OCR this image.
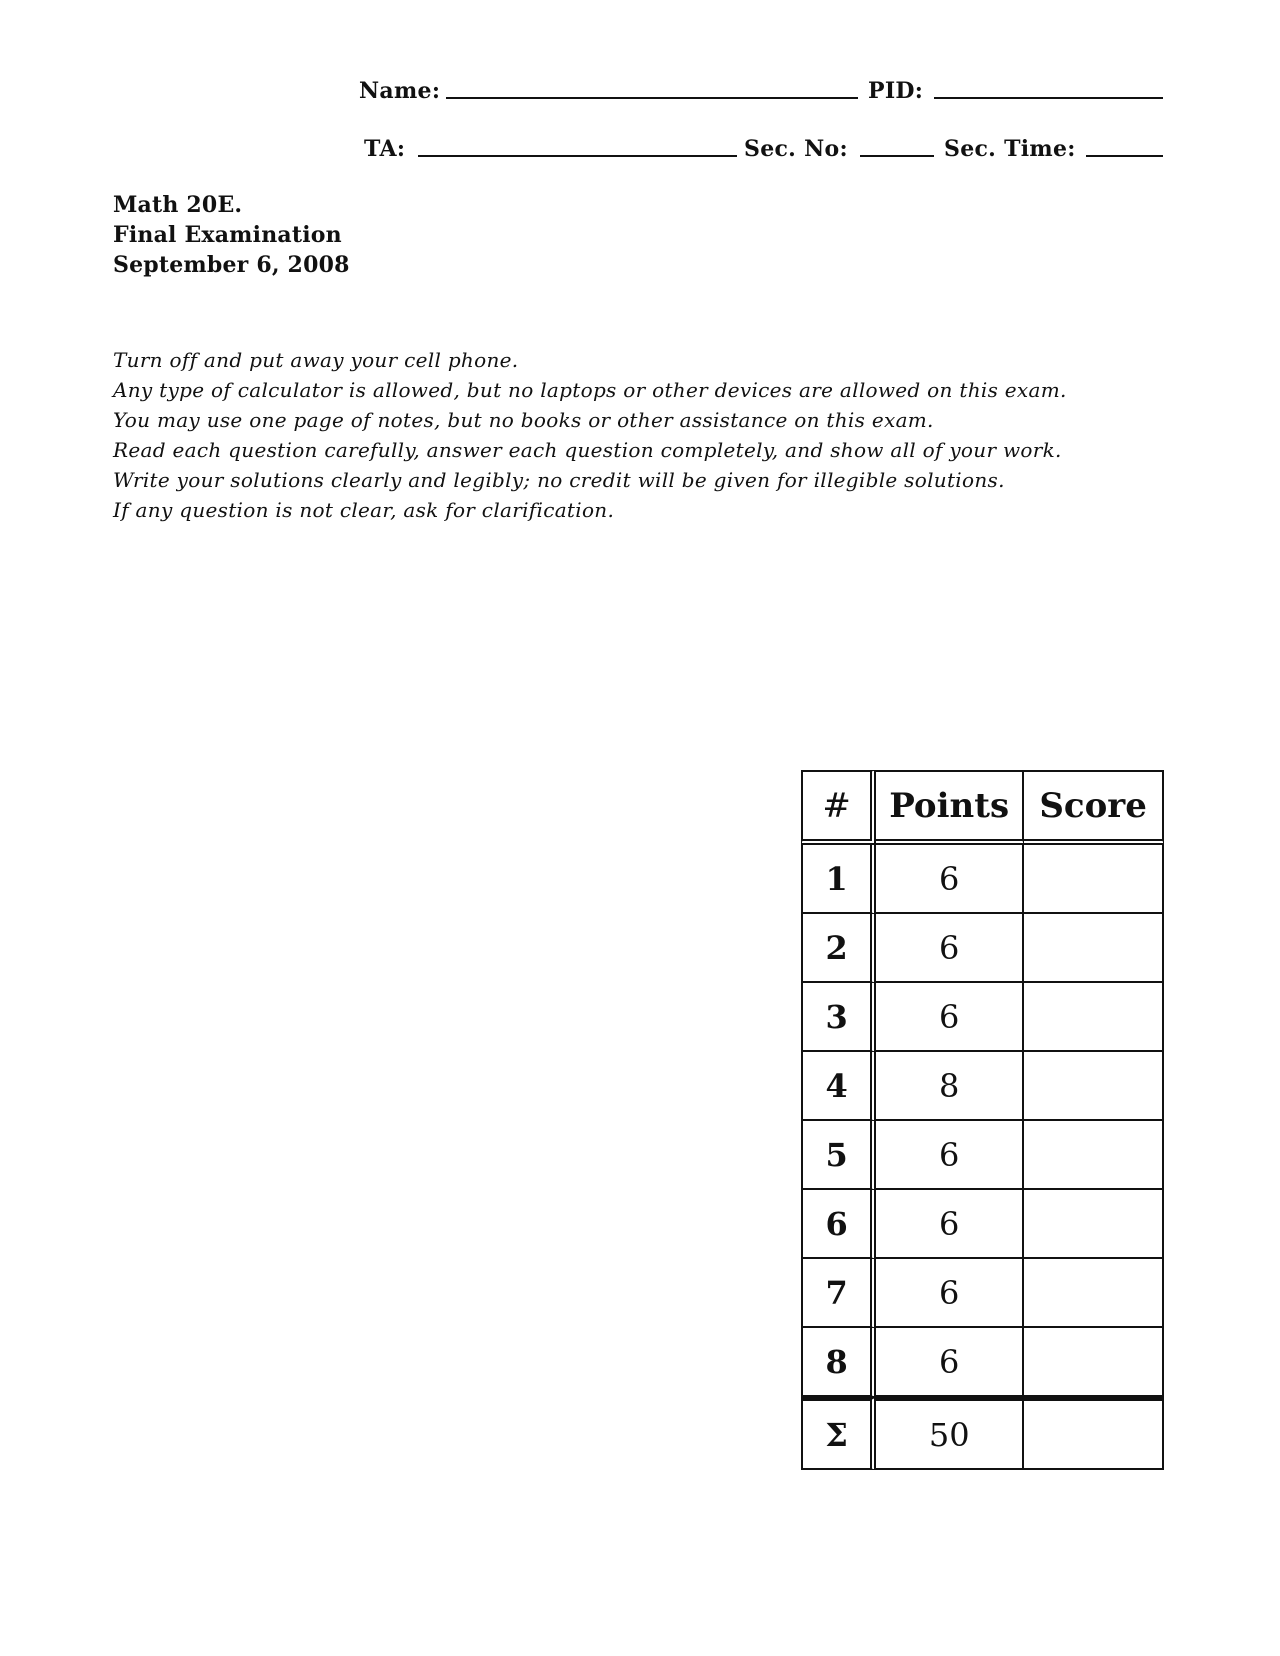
Name:	PID:
TA:	Sec. No:	Sec. Time:
Math 20E.
Final Examination
September 6, 2008
Turn off and put away your cell phone.
Any type of calculator is allowed, but no laptops or other devices are allowed on this exam.
You may use one page of notes, but no books or other assistance on this exam.
Read each question carefully, answer each question completely, and show all of your work.
Write your solutions clearly and legibly; no credit will be given for illegible solutions.
If any question is not clear, ask for clarification.
#	Points	Score
1	6	
2	6	
3	6	
4	8	
5	6	
6	6	
7	6	
8	6	
Σ	50	
